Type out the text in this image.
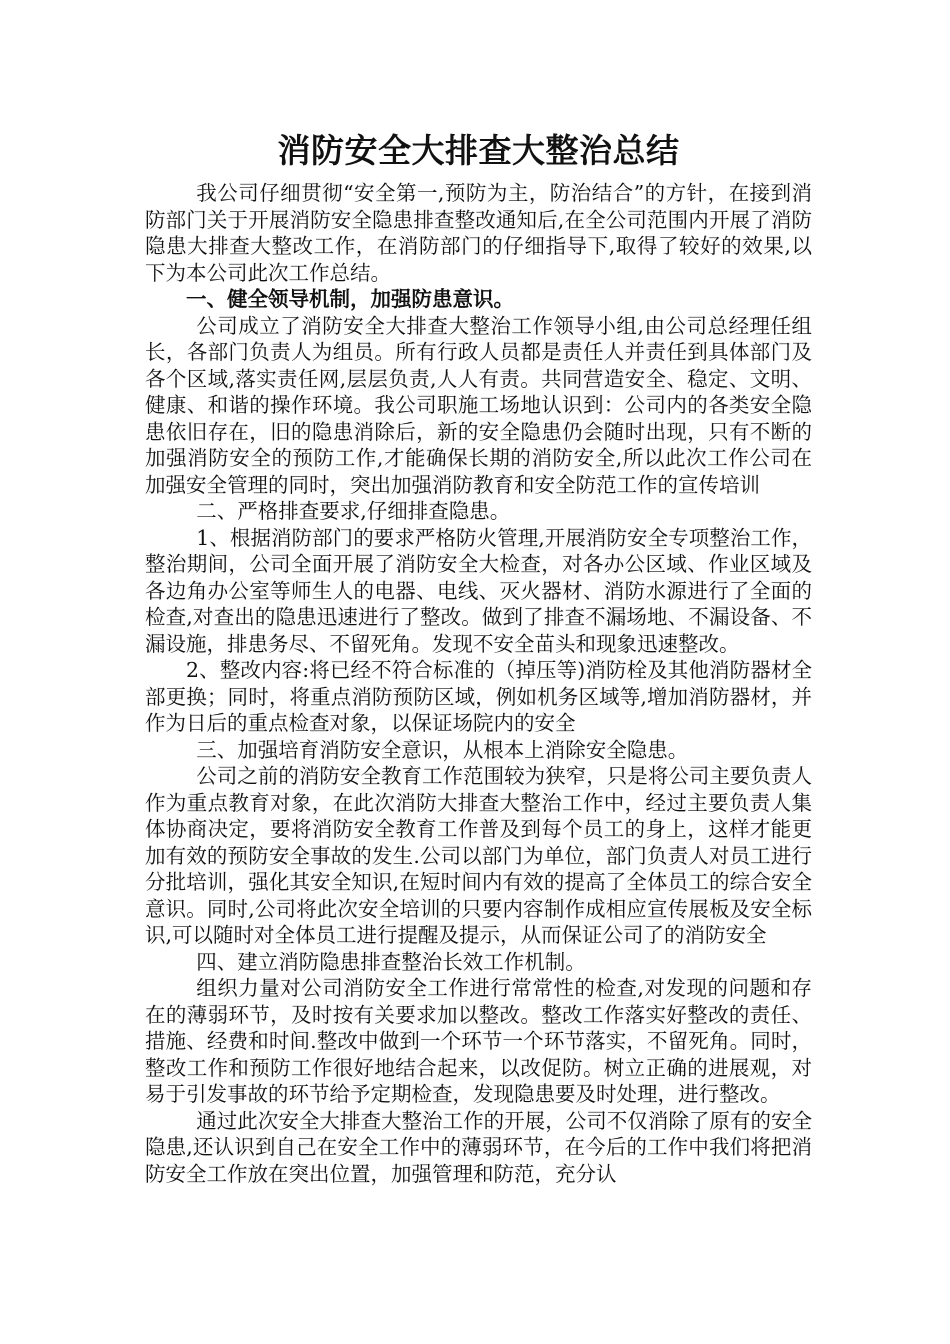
消防安全大排查大整治总结

我公司仔细贯彻“安全第一,预防为主，防治结合”的方针，在接到消防部门关于开展消防安全隐患排查整改通知后,在全公司范围内开展了消防隐患大排查大整改工作，在消防部门的仔细指导下,取得了较好的效果,以下为本公司此次工作总结。

一、健全领导机制，加强防患意识。

公司成立了消防安全大排查大整治工作领导小组,由公司总经理任组长，各部门负责人为组员。所有行政人员都是责任人并责任到具体部门及各个区域,落实责任网,层层负责,人人有责。共同营造安全、稳定、文明、健康、和谐的操作环境。我公司职施工场地认识到：公司内的各类安全隐患依旧存在，旧的隐患消除后，新的安全隐患仍会随时出现，只有不断的加强消防安全的预防工作,才能确保长期的消防安全,所以此次工作公司在加强安全管理的同时，突出加强消防教育和安全防范工作的宣传培训

二、严格排查要求,仔细排查隐患。

1、根据消防部门的要求严格防火管理,开展消防安全专项整治工作，整治期间，公司全面开展了消防安全大检查，对各办公区域、作业区域及各边角办公室等师生人的电器、电线、灭火器材、消防水源进行了全面的检查,对查出的隐患迅速进行了整改。做到了排查不漏场地、不漏设备、不漏设施，排患务尽、不留死角。发现不安全苗头和现象迅速整改。

2、整改内容:将已经不符合标准的（掉压等)消防栓及其他消防器材全部更换；同时，将重点消防预防区域，例如机务区域等,增加消防器材，并作为日后的重点检查对象，以保证场院内的安全

三、加强培育消防安全意识，从根本上消除安全隐患。

公司之前的消防安全教育工作范围较为狭窄，只是将公司主要负责人作为重点教育对象，在此次消防大排查大整治工作中，经过主要负责人集体协商决定，要将消防安全教育工作普及到每个员工的身上，这样才能更加有效的预防安全事故的发生.公司以部门为单位，部门负责人对员工进行分批培训，强化其安全知识,在短时间内有效的提高了全体员工的综合安全意识。同时,公司将此次安全培训的只要内容制作成相应宣传展板及安全标识,可以随时对全体员工进行提醒及提示，从而保证公司了的消防安全

四、建立消防隐患排查整治长效工作机制。

组织力量对公司消防安全工作进行常常性的检查,对发现的问题和存在的薄弱环节，及时按有关要求加以整改。整改工作落实好整改的责任、措施、经费和时间.整改中做到一个环节一个环节落实，不留死角。同时，整改工作和预防工作很好地结合起来，以改促防。树立正确的进展观，对易于引发事故的环节给予定期检查，发现隐患要及时处理，进行整改。

通过此次安全大排查大整治工作的开展，公司不仅消除了原有的安全隐患,还认识到自己在安全工作中的薄弱环节，在今后的工作中我们将把消防安全工作放在突出位置，加强管理和防范，充分认
